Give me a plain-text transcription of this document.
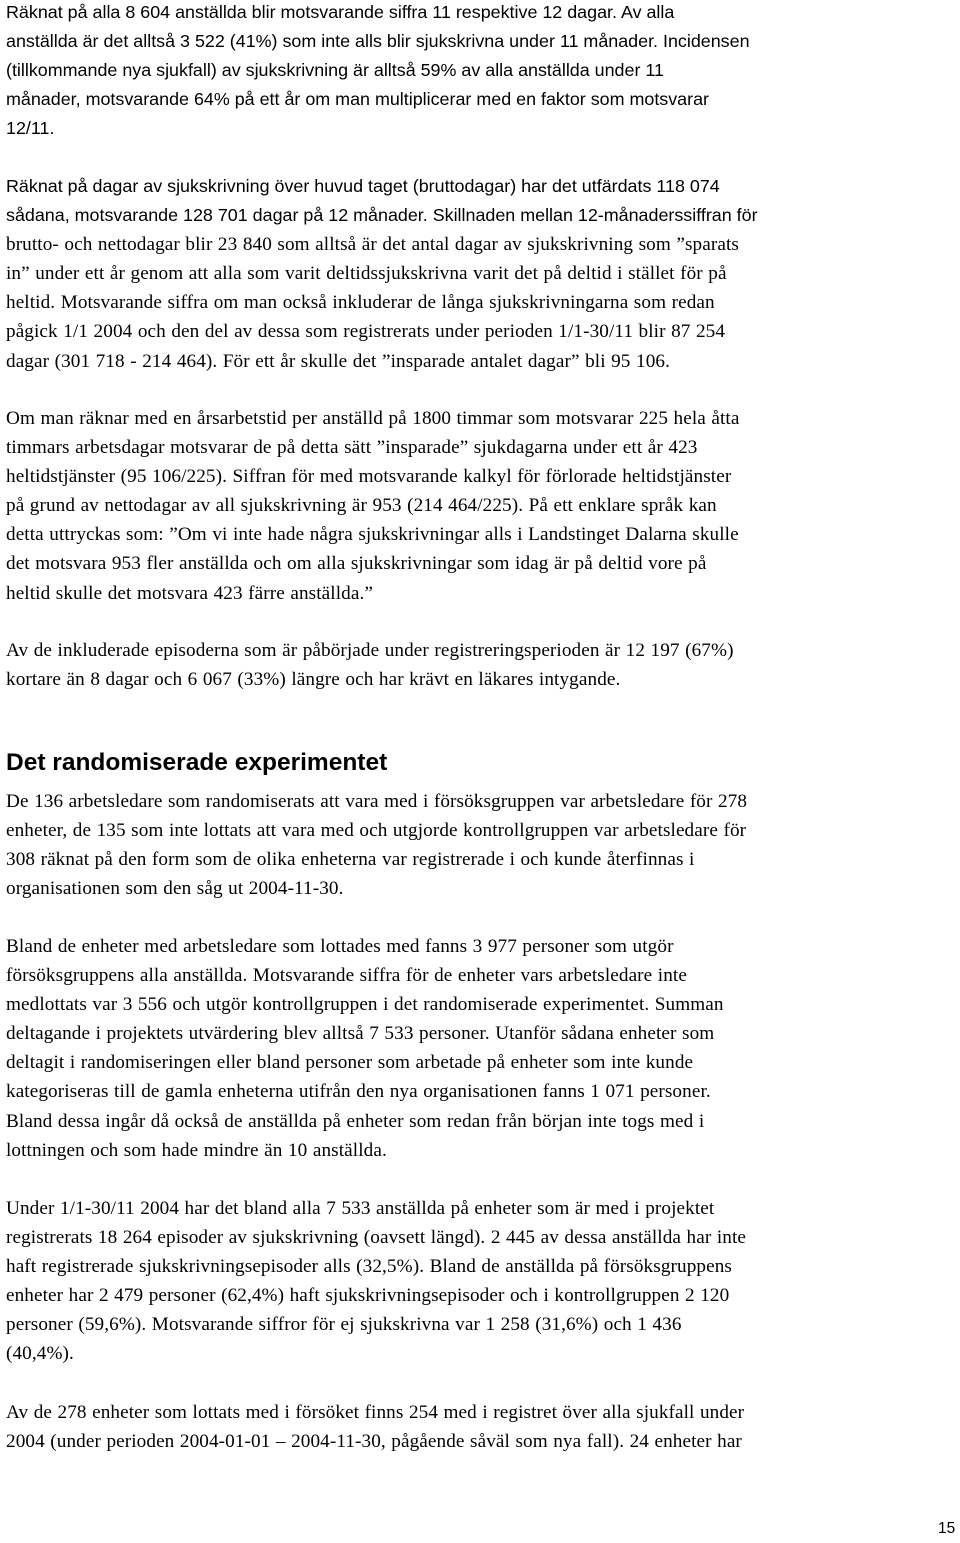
Räknat på alla 8 604 anställda blir motsvarande siffra 11 respektive 12 dagar. Av alla
anställda är det alltså 3 522 (41%) som inte alls blir sjukskrivna under 11 månader. Incidensen
(tillkommande nya sjukfall) av sjukskrivning är alltså 59% av alla anställda under 11
månader, motsvarande 64% på ett år om man multiplicerar med en faktor som motsvarar
12/11.

Räknat på dagar av sjukskrivning över huvud taget (bruttodagar) har det utfärdats 118 074
sådana, motsvarande 128 701 dagar på 12 månader. Skillnaden mellan 12-månaderssiffran för
brutto- och nettodagar blir 23 840 som alltså är det antal dagar av sjukskrivning som ”sparats
in” under ett år genom att alla som varit deltidssjukskrivna varit det på deltid i stället för på
heltid. Motsvarande siffra om man också inkluderar de långa sjukskrivningarna som redan
pågick 1/1 2004 och den del av dessa som registrerats under perioden 1/1-30/11 blir 87 254
dagar (301 718 - 214 464). För ett år skulle det ”insparade antalet dagar” bli 95 106.

Om man räknar med en årsarbetstid per anställd på 1800 timmar som motsvarar 225 hela åtta
timmars arbetsdagar motsvarar de på detta sätt ”insparade” sjukdagarna under ett år 423
heltidstjänster (95 106/225). Siffran för med motsvarande kalkyl för förlorade heltidstjänster
på grund av nettodagar av all sjukskrivning är 953 (214 464/225). På ett enklare språk kan
detta uttryckas som: ”Om vi inte hade några sjukskrivningar alls i Landstinget Dalarna skulle
det motsvara 953 fler anställda och om alla sjukskrivningar som idag är på deltid vore på
heltid skulle det motsvara 423 färre anställda.”

Av de inkluderade episoderna som är påbörjade under registreringsperioden är 12 197 (67%)
kortare än 8 dagar och 6 067 (33%) längre och har krävt en läkares intygande.

Det randomiserade experimentet

De 136 arbetsledare som randomiserats att vara med i försöksgruppen var arbetsledare för 278
enheter, de 135 som inte lottats att vara med och utgjorde kontrollgruppen var arbetsledare för
308 räknat på den form som de olika enheterna var registrerade i och kunde återfinnas i
organisationen som den såg ut 2004-11-30.

Bland de enheter med arbetsledare som lottades med fanns 3 977 personer som utgör
försöksgruppens alla anställda. Motsvarande siffra för de enheter vars arbetsledare inte
medlottats var 3 556 och utgör kontrollgruppen i det randomiserade experimentet. Summan
deltagande i projektets utvärdering blev alltså 7 533 personer. Utanför sådana enheter som
deltagit i randomiseringen eller bland personer som arbetade på enheter som inte kunde
kategoriseras till de gamla enheterna utifrån den nya organisationen fanns 1 071 personer.
Bland dessa ingår då också de anställda på enheter som redan från början inte togs med i
lottningen och som hade mindre än 10 anställda.

Under 1/1-30/11 2004 har det bland alla 7 533 anställda på enheter som är med i projektet
registrerats 18 264 episoder av sjukskrivning (oavsett längd). 2 445 av dessa anställda har inte
haft registrerade sjukskrivningsepisoder alls (32,5%). Bland de anställda på försöksgruppens
enheter har 2 479 personer (62,4%) haft sjukskrivningsepisoder och i kontrollgruppen 2 120
personer (59,6%). Motsvarande siffror för ej sjukskrivna var 1 258 (31,6%) och 1 436
(40,4%).

Av de 278 enheter som lottats med i försöket finns 254 med i registret över alla sjukfall under
2004 (under perioden 2004-01-01 – 2004-11-30, pågående såväl som nya fall). 24 enheter har

15
